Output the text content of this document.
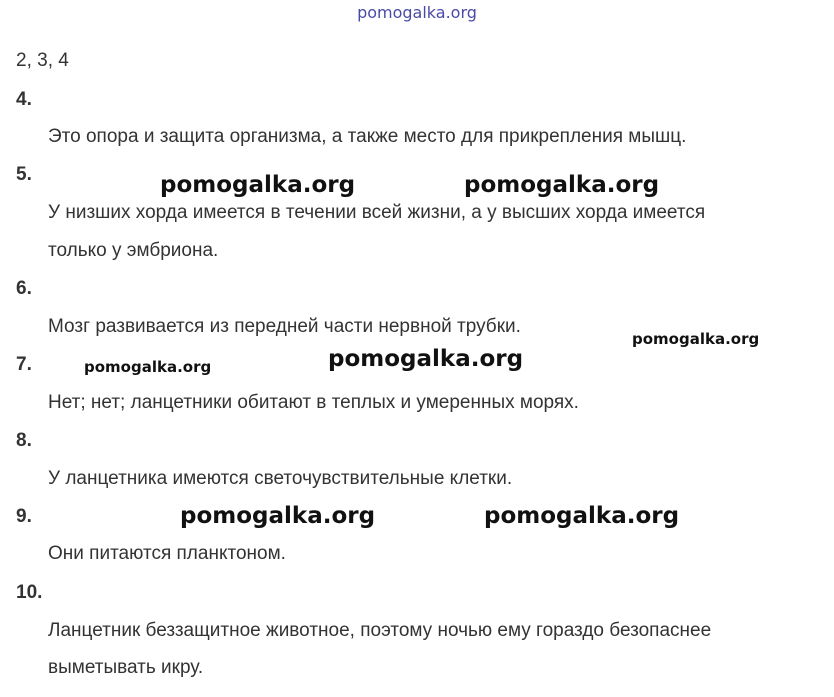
pomogalka.org
2, 3, 4
4.
Это опора и защита организма, а также место для прикрепления мышц.
5.
У низших хорда имеется в течении всей жизни, а у высших хорда имеется
только у эмбриона.
6.
Мозг развивается из передней части нервной трубки.
7.
Нет; нет; ланцетники обитают в теплых и умеренных морях.
8.
У ланцетника имеются светочувствительные клетки.
9.
Они питаются планктоном.
10.
Ланцетник беззащитное животное, поэтому ночью ему гораздо безопаснее
выметывать икру.
pomogalka.org	pomogalka.org
pomogalka.org
pomogalka.org
pomogalka.org
pomogalka.org	pomogalka.org
